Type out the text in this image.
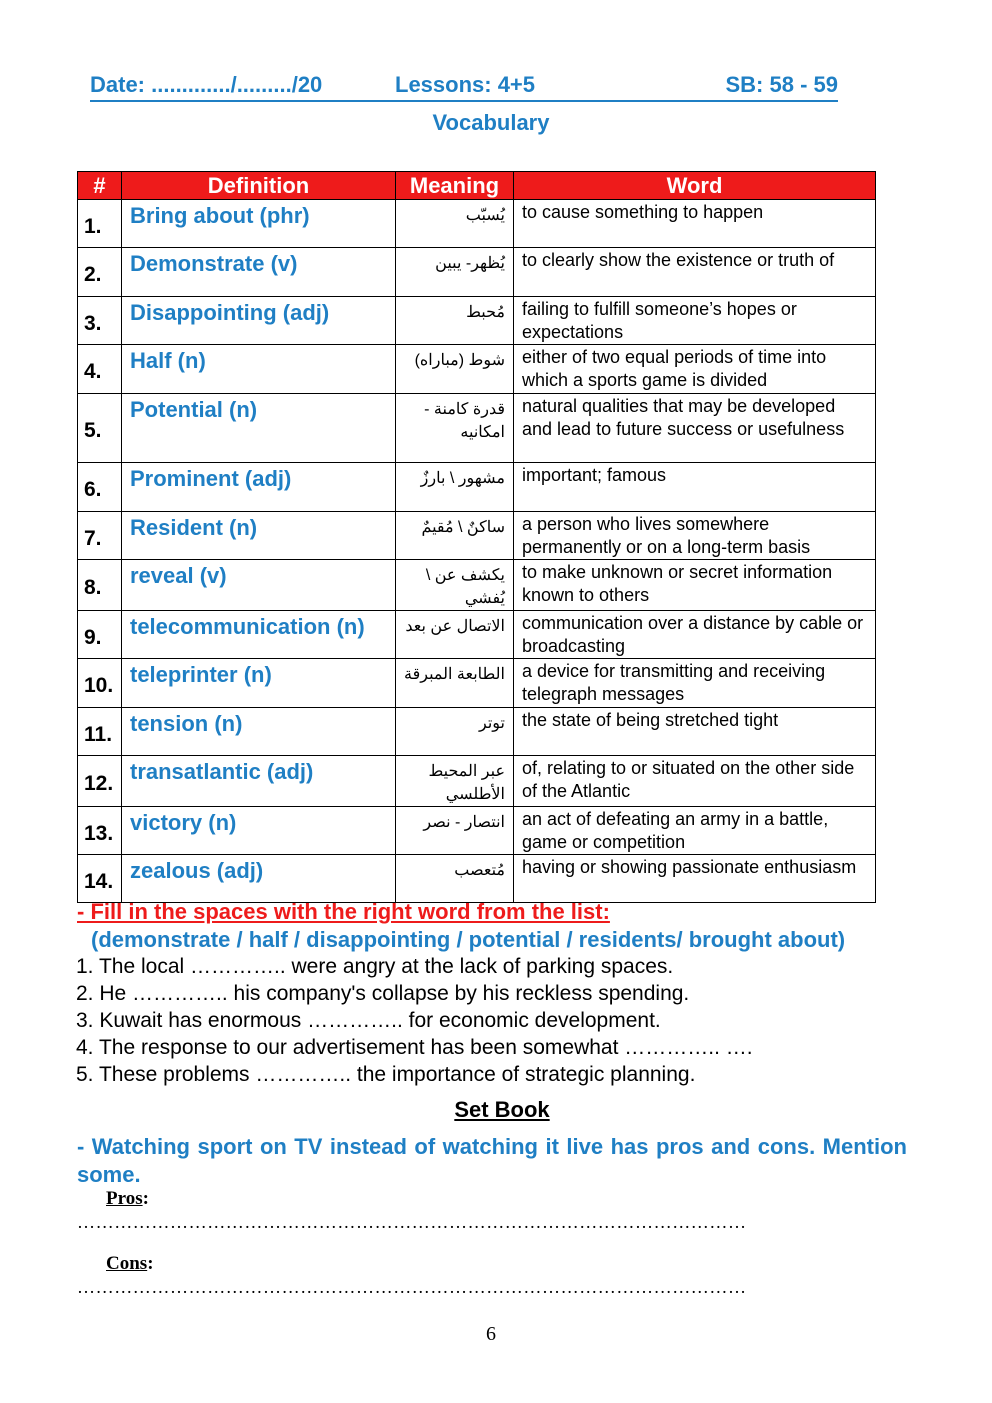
Date: ............./........./20	Lessons: 4+5	SB: 58 - 59
Vocabulary
#	Definition	Meaning	Word
1.	Bring about (phr)	يُسبّب	to cause something to happen
2.	Demonstrate (v)	يُظهر- يبين	to clearly show the existence or truth of
3.	Disappointing (adj)	مُحبط	failing to fulfill someone’s hopes or expectations
4.	Half (n)	شوط (مباراه)	either of two equal periods of time into which a sports game is divided
5.	Potential (n)	قدرة كامنة - امكانيه	natural qualities that may be developed and lead to future success or usefulness
6.	Prominent (adj)	مشهور \ بارزٌ	important; famous
7.	Resident (n)	ساكنٌ \ مُقيمٌ	a person who lives somewhere permanently or on a long-term basis
8.	reveal (v)	يكشف عن \ يُفشي	to make unknown or secret information known to others
9.	telecommunication (n)	الاتصال عن بعد	communication over a distance by cable or broadcasting
10.	teleprinter (n)	الطابعة المبرقة	a device for transmitting and receiving telegraph messages
11.	tension (n)	توتر	the state of being stretched tight
12.	transatlantic (adj)	عبر المحيط الأطلسي	of, relating to or situated on the other side of the Atlantic
13.	victory (n)	انتصار - نصر	an act of defeating an army in a battle, game or competition
14.	zealous (adj)	مُتعصب	having or showing passionate enthusiasm
- Fill in the spaces with the right word from the list:
(demonstrate / half / disappointing / potential / residents/ brought about)
1. The local ………….. were angry at the lack of parking spaces.
2. He ………….. his company's collapse by his reckless spending.
3. Kuwait has enormous ………….. for economic development.
4. The response to our advertisement has been somewhat ………….. ….
5. These problems ………….. the importance of strategic planning.
Set Book
- Watching sport on TV instead of watching it live has pros and cons. Mention some.
Pros:
………………………………………………………………………………………………
Cons:
………………………………………………………………………………………………
6
